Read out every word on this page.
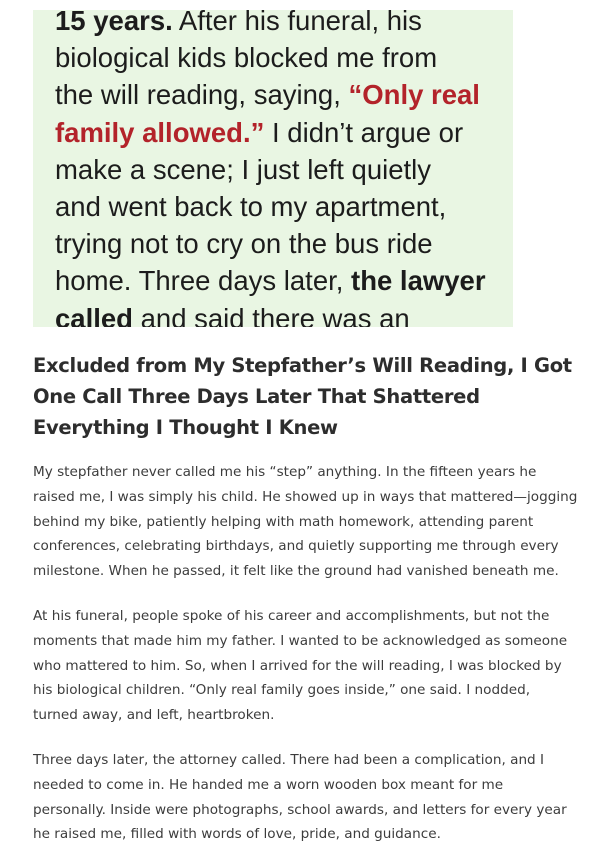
15 years. After his funeral, his
biological kids blocked me from
the will reading, saying, “Only real
family allowed.” I didn’t argue or
make a scene; I just left quietly
and went back to my apartment,
trying not to cry on the bus ride
home. Three days later, the lawyer
called and said there was an
Excluded from My Stepfather’s Will Reading, I Got One Call Three Days Later That Shattered Everything I Thought I Knew

My stepfather never called me his “step” anything. In the fifteen years he raised me, I was simply his child. He showed up in ways that mattered—jogging behind my bike, patiently helping with math homework, attending parent conferences, celebrating birthdays, and quietly supporting me through every milestone. When he passed, it felt like the ground had vanished beneath me.

At his funeral, people spoke of his career and accomplishments, but not the moments that made him my father. I wanted to be acknowledged as someone who mattered to him. So, when I arrived for the will reading, I was blocked by his biological children. “Only real family goes inside,” one said. I nodded, turned away, and left, heartbroken.

Three days later, the attorney called. There had been a complication, and I needed to come in. He handed me a worn wooden box meant for me personally. Inside were photographs, school awards, and letters for every year he raised me, filled with words of love, pride, and guidance.
